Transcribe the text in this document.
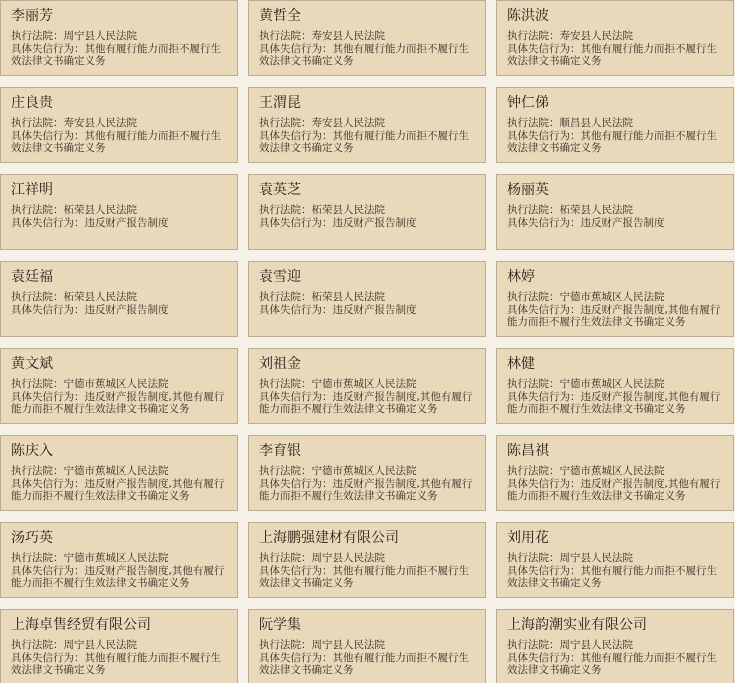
李丽芳
执行法院：周宁县人民法院
具体失信行为：其他有履行能力而拒不履行生效法律文书确定义务
黄哲全
执行法院：寿安县人民法院
具体失信行为：其他有履行能力而拒不履行生效法律文书确定义务
陈洪波
执行法院：寿安县人民法院
具体失信行为：其他有履行能力而拒不履行生效法律文书确定义务
庄良贵
执行法院：寿安县人民法院
具体失信行为：其他有履行能力而拒不履行生效法律文书确定义务
王渭昆
执行法院：寿安县人民法院
具体失信行为：其他有履行能力而拒不履行生效法律文书确定义务
钟仁俤
执行法院：顺昌县人民法院
具体失信行为：其他有履行能力而拒不履行生效法律文书确定义务
江祥明
执行法院：柘荣县人民法院
具体失信行为：违反财产报告制度
袁英芝
执行法院：柘荣县人民法院
具体失信行为：违反财产报告制度
杨丽英
执行法院：柘荣县人民法院
具体失信行为：违反财产报告制度
袁廷福
执行法院：柘荣县人民法院
具体失信行为：违反财产报告制度
袁雪迎
执行法院：柘荣县人民法院
具体失信行为：违反财产报告制度
林婷
执行法院：宁德市蕉城区人民法院
具体失信行为：违反财产报告制度,其他有履行能力而拒不履行生效法律文书确定义务
黄文斌
执行法院：宁德市蕉城区人民法院
具体失信行为：违反财产报告制度,其他有履行能力而拒不履行生效法律文书确定义务
刘祖金
执行法院：宁德市蕉城区人民法院
具体失信行为：违反财产报告制度,其他有履行能力而拒不履行生效法律文书确定义务
林健
执行法院：宁德市蕉城区人民法院
具体失信行为：违反财产报告制度,其他有履行能力而拒不履行生效法律文书确定义务
陈庆入
执行法院：宁德市蕉城区人民法院
具体失信行为：违反财产报告制度,其他有履行能力而拒不履行生效法律文书确定义务
李育银
执行法院：宁德市蕉城区人民法院
具体失信行为：违反财产报告制度,其他有履行能力而拒不履行生效法律文书确定义务
陈昌祺
执行法院：宁德市蕉城区人民法院
具体失信行为：违反财产报告制度,其他有履行能力而拒不履行生效法律文书确定义务
汤巧英
执行法院：宁德市蕉城区人民法院
具体失信行为：违反财产报告制度,其他有履行能力而拒不履行生效法律文书确定义务
上海鹏强建材有限公司
执行法院：周宁县人民法院
具体失信行为：其他有履行能力而拒不履行生效法律文书确定义务
刘用花
执行法院：周宁县人民法院
具体失信行为：其他有履行能力而拒不履行生效法律文书确定义务
上海卓售经贸有限公司
执行法院：周宁县人民法院
具体失信行为：其他有履行能力而拒不履行生效法律文书确定义务
阮学集
执行法院：周宁县人民法院
具体失信行为：其他有履行能力而拒不履行生效法律文书确定义务
上海韵潮实业有限公司
执行法院：周宁县人民法院
具体失信行为：其他有履行能力而拒不履行生效法律文书确定义务
